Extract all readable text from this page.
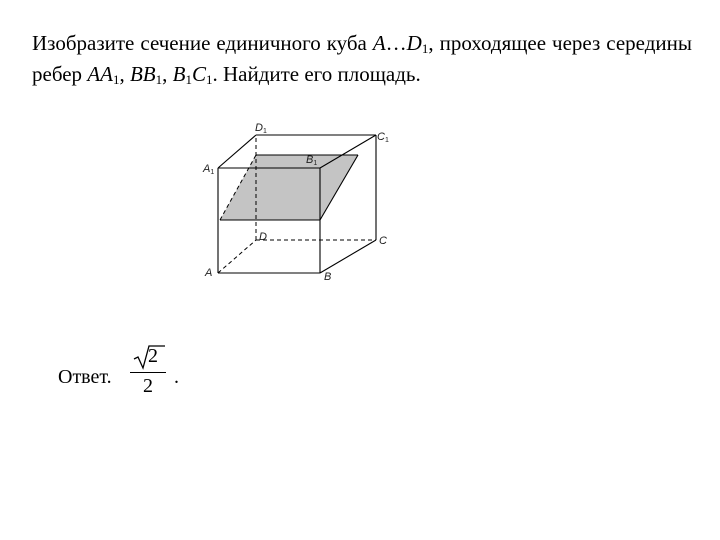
Изобразите сечение единичного куба $A\dots D_1$, проходящее через середины ребер $AA_1$, $BB_1$, $B_1C_1$. Найдите его площадь.
A	B
C
D
A1
B1
C1
D1
Ответ.
2
2	.
